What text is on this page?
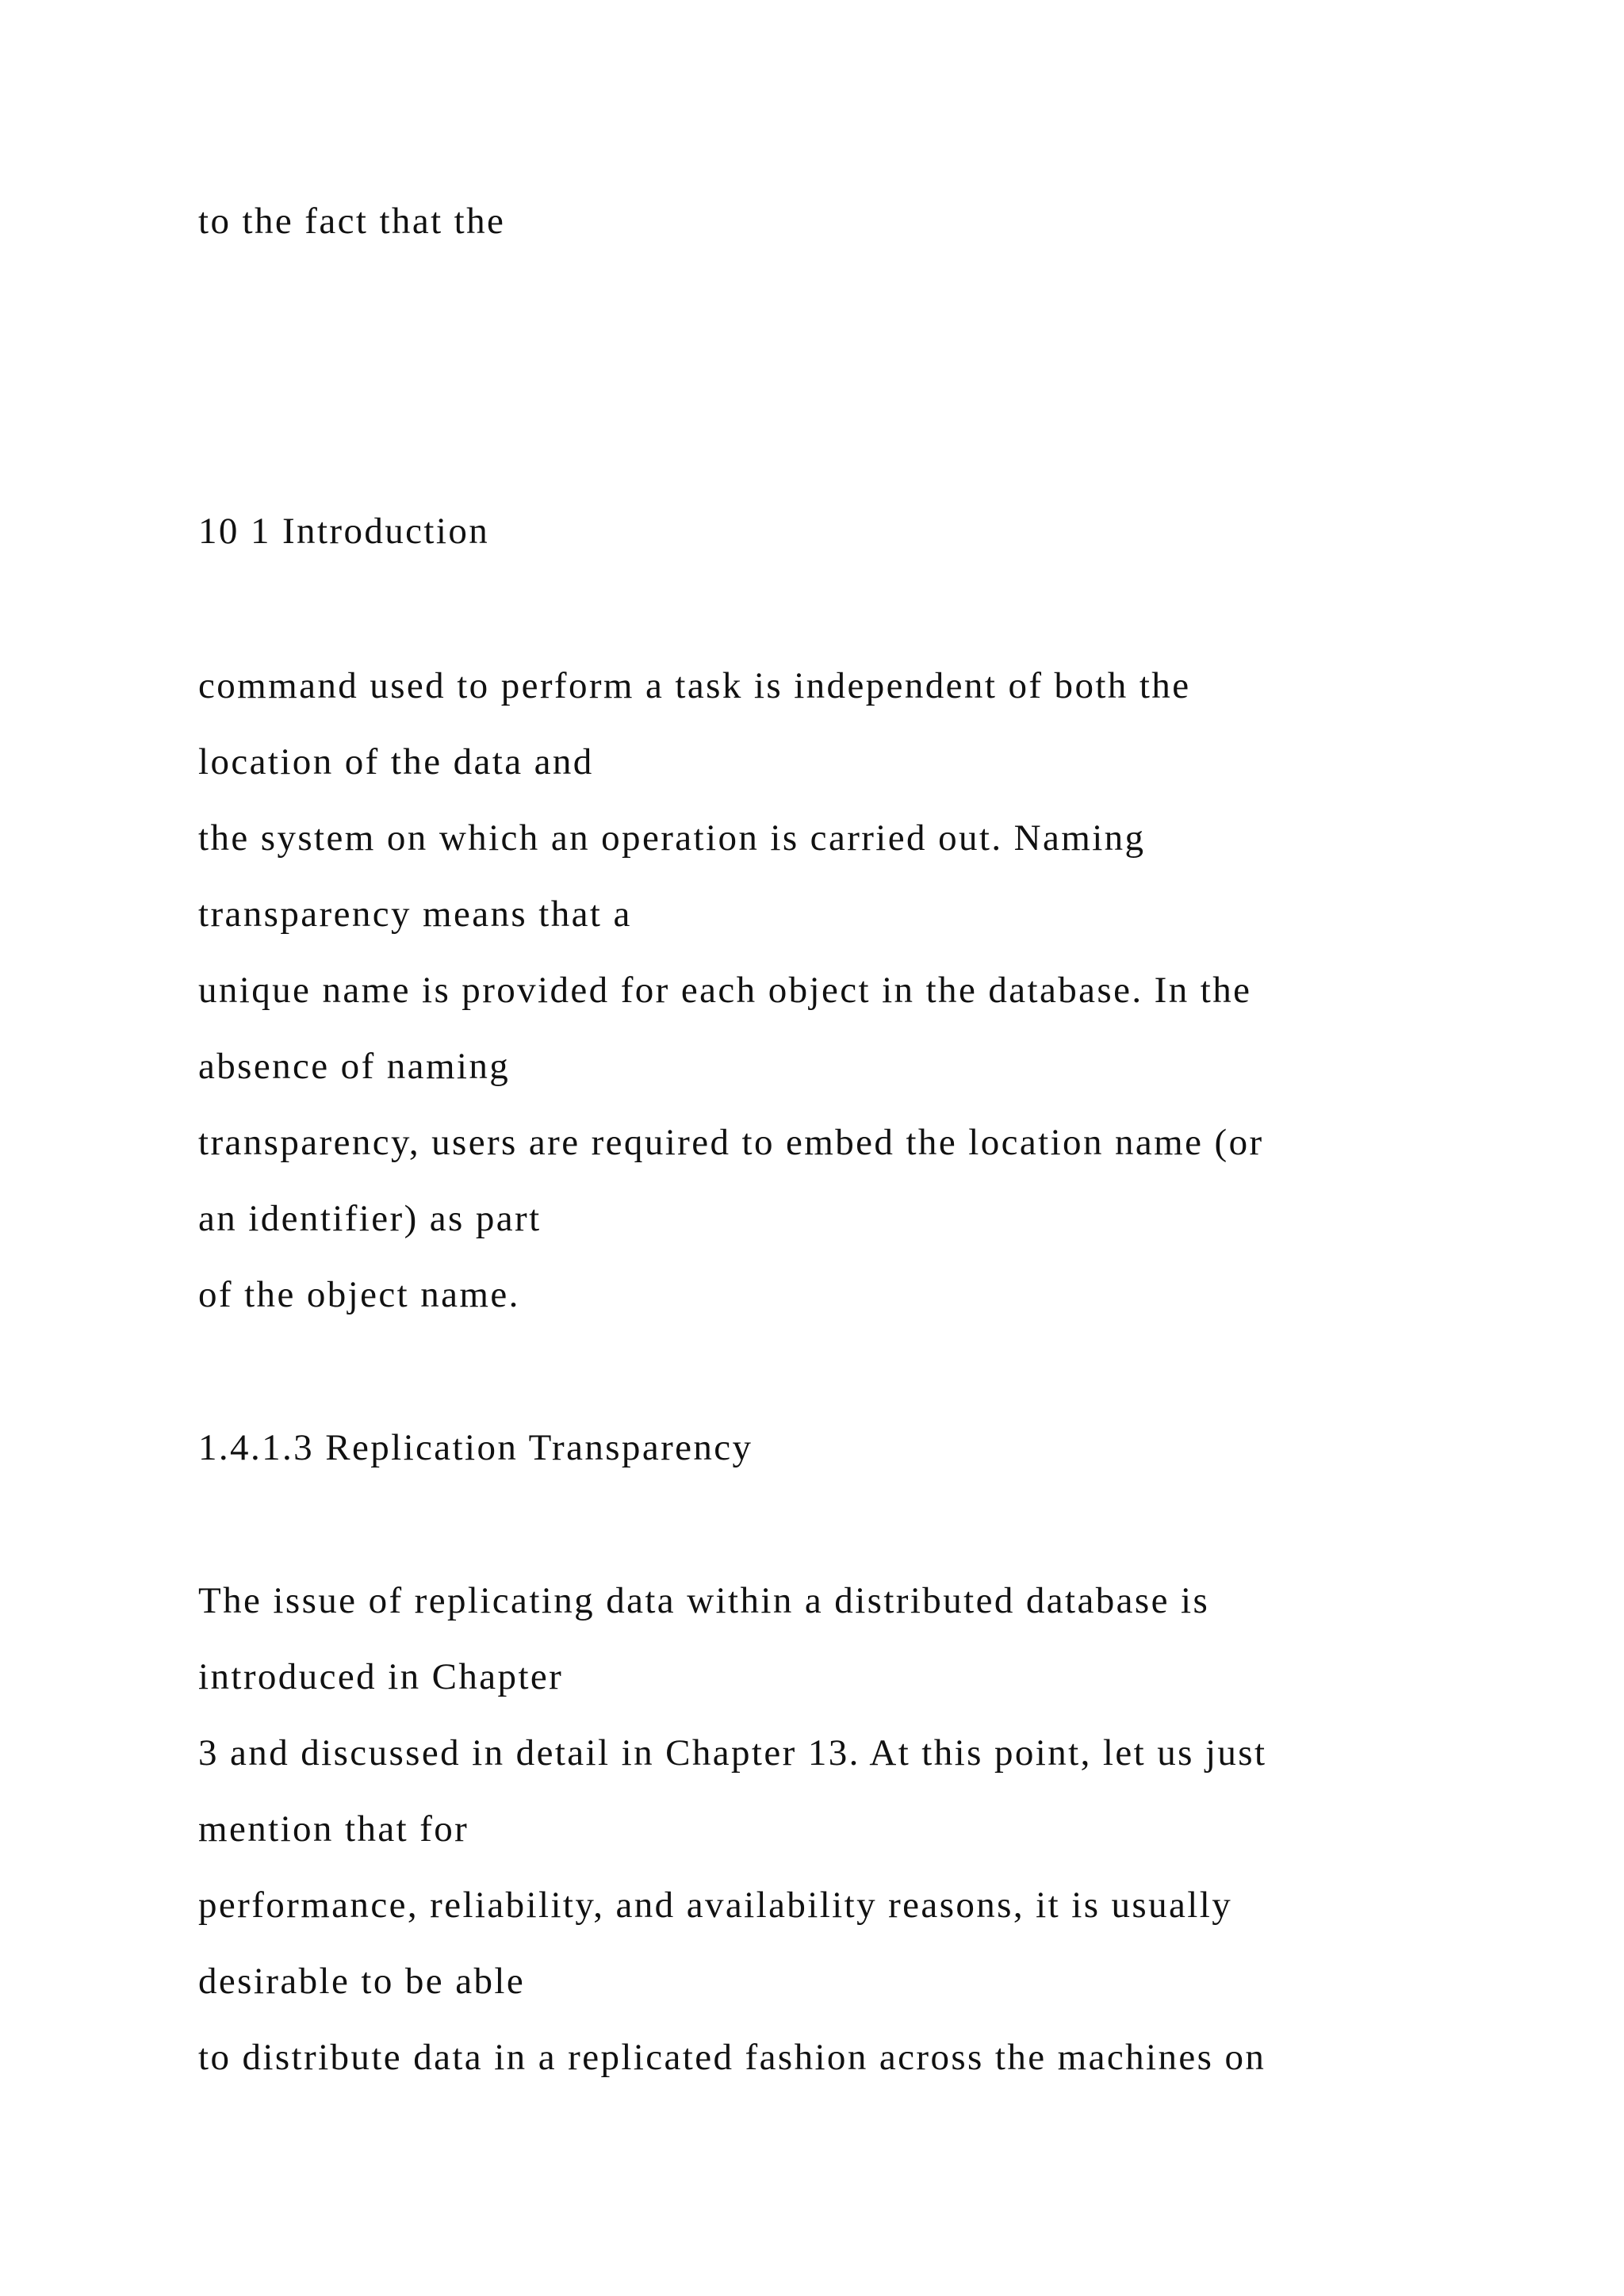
to the fact that the

10 1 Introduction

command used to perform a task is independent of both the

location of the data and

the system on which an operation is carried out. Naming

transparency means that a

unique name is provided for each object in the database. In the

absence of naming

transparency, users are required to embed the location name (or

an identifier) as part

of the object name.

1.4.1.3 Replication Transparency

The issue of replicating data within a distributed database is

introduced in Chapter

3 and discussed in detail in Chapter 13. At this point, let us just

mention that for

performance, reliability, and availability reasons, it is usually

desirable to be able

to distribute data in a replicated fashion across the machines on
